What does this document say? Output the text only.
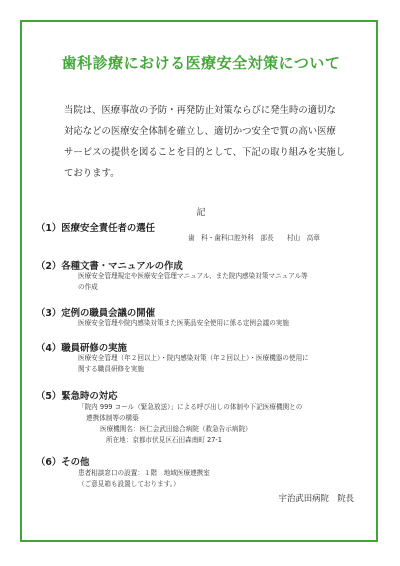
歯科診療における医療安全対策について

当院は、医療事故の予防・再発防止対策ならびに発生時の適切な

対応などの医療安全体制を確立し、適切かつ安全で質の高い医療

サービスの提供を図ることを目的として、下記の取り組みを実施し

ております。

記
（1）医療安全責任者の選任

歯　科・歯科口腔外科　部長　　村山　高章

（2）各種文書・マニュアルの作成

医療安全管理規定や医療安全管理マニュアル、また院内感染対策マニュアル等

の作成

（3）定例の職員会議の開催

医療安全管理や院内感染対策また医薬品安全使用に係る定例会議の実施

（4）職員研修の実施

医療安全管理（年２回以上）・院内感染対策（年２回以上）・医療機器の使用に

関する職員研修を実施

（5）緊急時の対応

「院内 999 コール（緊急放送）」による呼び出しの体制や下記医療機関との

連携体制等の構築

医療機関名：医仁会武田総合病院（救急告示病院）

所在地：京都市伏見区石田森南町 27-1

（6）その他

患者相談窓口の設置：１階　地域医療連携室

（ご意見箱も設置しております。）

宇治武田病院　院長
